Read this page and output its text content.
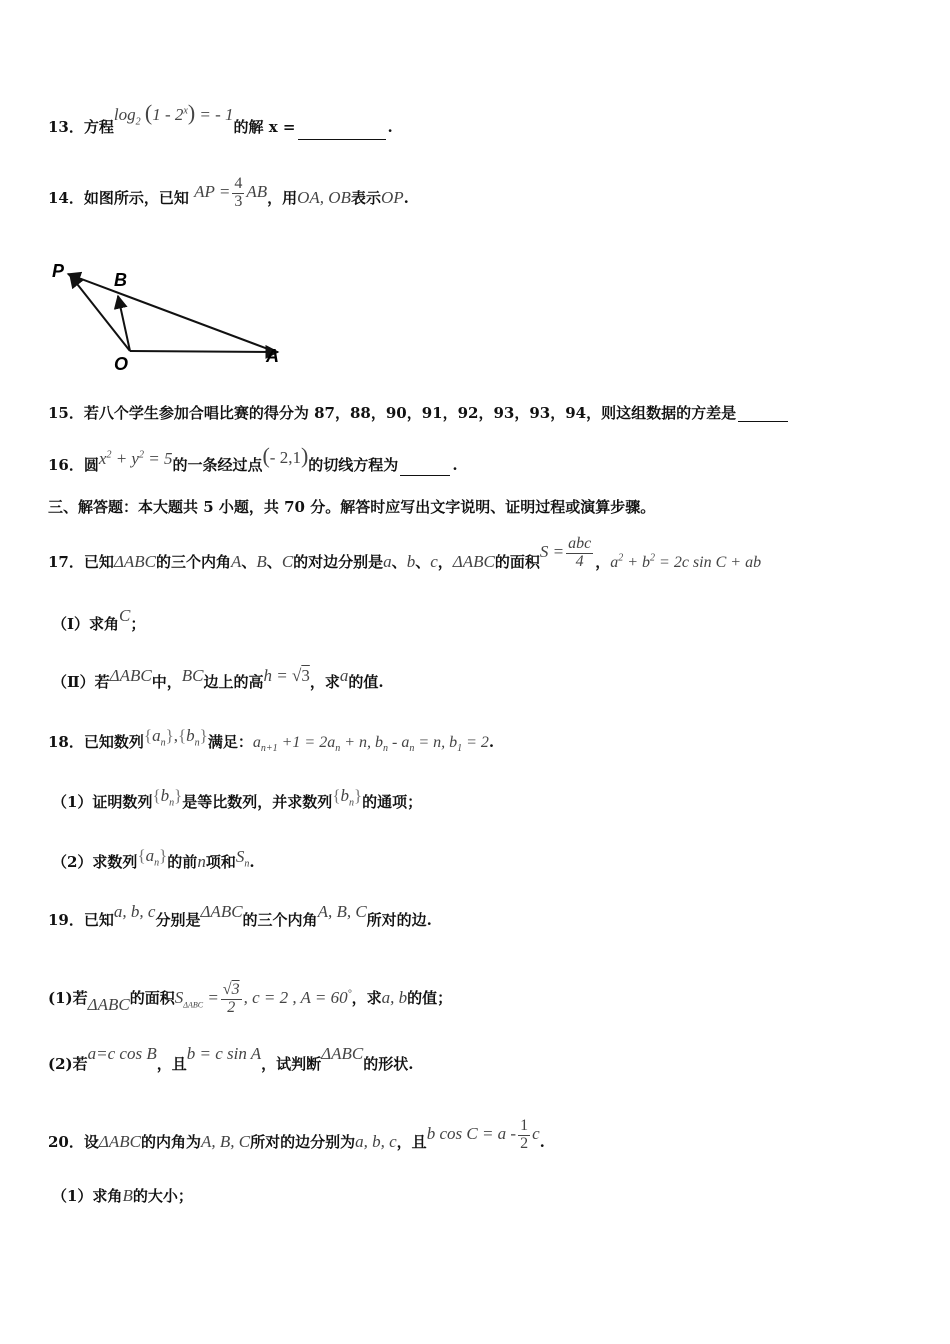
13．方程$\log_2 (1 - 2^x)$ = - 1的解 x =	.
14．如图所示，已知 AP = $\frac{4}{3}$ AB，用OA, OB表示OP.
P	B
O	A
15．若八个学生参加合唱比赛的得分为 87，88，90，91，92，93，93，94，则这组数据的方差是
16．圆$x^2 + y^2 = 5$的一条经过点(- 2,1)的切线方程为	.
三、解答题：本大题共 5 小题，共 70 分。解答时应写出文字说明、证明过程或演算步骤。
17．已知ΔABC的三个内角A、B、C的对边分别是a、b、c，ΔABC的面积$S = \frac{\text{abc}}{4}$ ，$a^2 + b^2 = 2c$ sin C + ab
（Ⅰ）求角C；
（Ⅱ）若ΔABC中，BC边上的高h = √3，求a的值.
18．已知数列$\{a_n\},\{b_n\}$满足：$a_{n+1} +1 = 2a_n + n$, $b_n - a_n = n$, $b_1 = 2$.
（1）证明数列$\{b_n\}$是等比数列，并求数列$\{b_n\}$的通项；
（2）求数列$\{a_n\}$的前n项和$S_n$.
19．已知a, b, c分别是ΔABC的三个内角A, B, C所对的边.
(1)若ΔABC的面积$S_{\Delta ABC} = \frac{√3}{2}$ , c = 2 , A = 60°，求a, b的值；
(2)若a=c cos B，且b = c sin A，试判断ΔABC的形状.
20．设ΔABC的内角为A, B, C所对的边分别为a, b, c，且b $\cos C = a - \frac{1}{2} c$.
（1）求角B的大小；
